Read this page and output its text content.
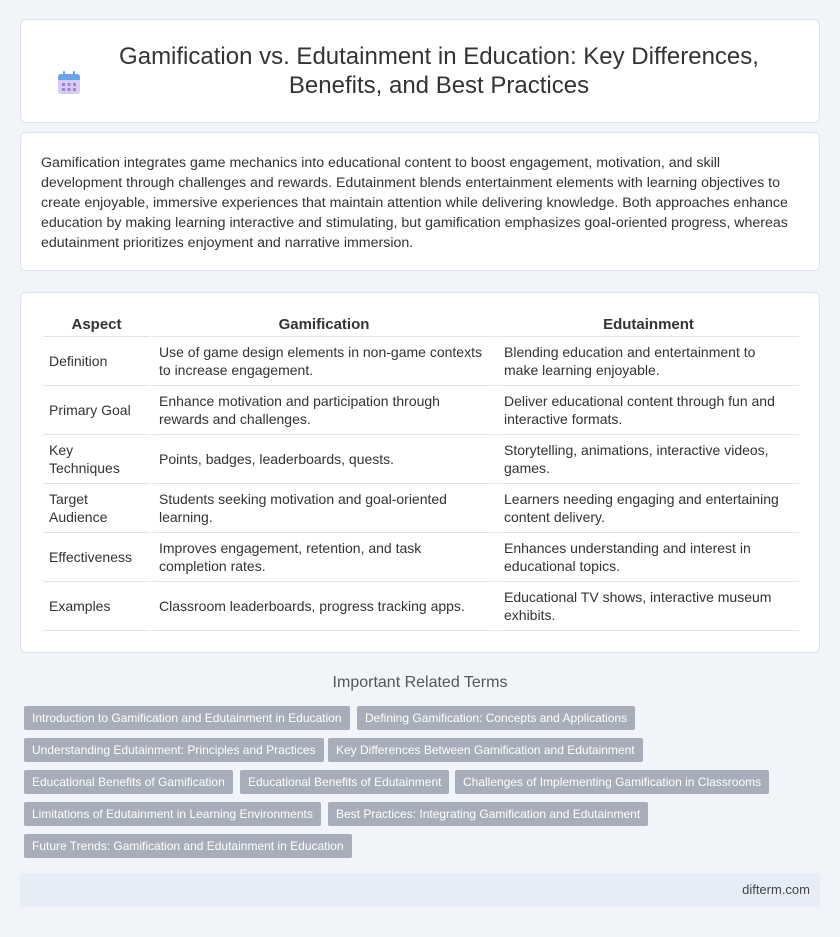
Gamification vs. Edutainment in Education: Key Differences, Benefits, and Best Practices

Gamification integrates game mechanics into educational content to boost engagement, motivation, and skill development through challenges and rewards. Edutainment blends entertainment elements with learning objectives to create enjoyable, immersive experiences that maintain attention while delivering knowledge. Both approaches enhance education by making learning interactive and stimulating, but gamification emphasizes goal-oriented progress, whereas edutainment prioritizes enjoyment and narrative immersion.

Aspect	Gamification	Edutainment
Definition	Use of game design elements in non-game contexts to increase engagement.	Blending education and entertainment to make learning enjoyable.
Primary Goal	Enhance motivation and participation through rewards and challenges.	Deliver educational content through fun and interactive formats.
Key Techniques	Points, badges, leaderboards, quests.	Storytelling, animations, interactive videos, games.
Target Audience	Students seeking motivation and goal-oriented learning.	Learners needing engaging and entertaining content delivery.
Effectiveness	Improves engagement, retention, and task completion rates.	Enhances understanding and interest in educational topics.
Examples	Classroom leaderboards, progress tracking apps.	Educational TV shows, interactive museum exhibits.
Important Related Terms
Introduction to Gamification and Edutainment in Education	Defining Gamification: Concepts and Applications
Understanding Edutainment: Principles and Practices	Key Differences Between Gamification and Edutainment
Educational Benefits of Gamification	Educational Benefits of Edutainment	Challenges of Implementing Gamification in Classrooms
Limitations of Edutainment in Learning Environments	Best Practices: Integrating Gamification and Edutainment
Future Trends: Gamification and Edutainment in Education
difterm.com
